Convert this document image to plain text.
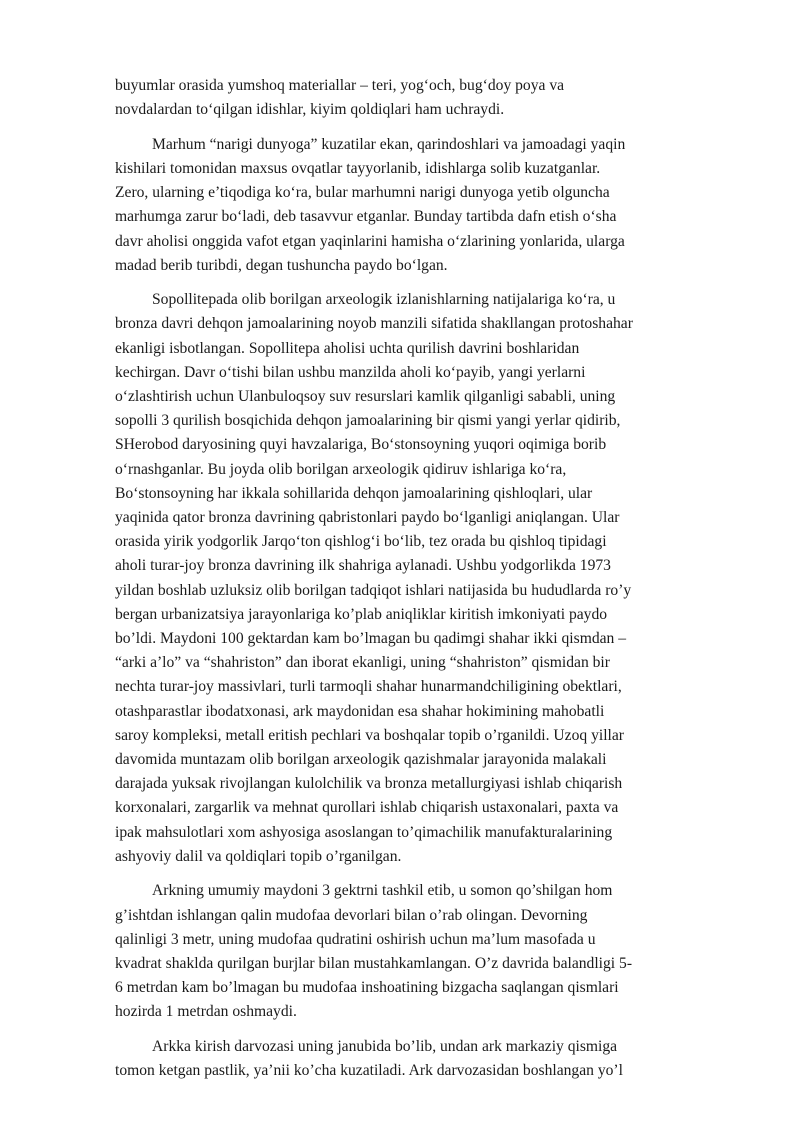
buyumlar orasida yumshoq materiallar – teri, yog‘och, bug‘doy poya va
novdalardan to‘qilgan idishlar, kiyim qoldiqlari ham uchraydi.
Marhum “narigi dunyoga” kuzatilar ekan, qarindoshlari va jamoadagi yaqin
kishilari tomonidan maxsus ovqatlar tayyorlanib, idishlarga solib kuzatganlar.
Zero, ularning e’tiqodiga ko‘ra, bular marhumni narigi dunyoga yetib olguncha
marhumga zarur bo‘ladi, deb tasavvur etganlar. Bunday tartibda dafn etish o‘sha
davr aholisi onggida vafot etgan yaqinlarini hamisha o‘zlarining yonlarida, ularga
madad berib turibdi, degan tushuncha paydo bo‘lgan.
Sopollitepada olib borilgan arxeologik izlanishlarning natijalariga ko‘ra, u
bronza davri dehqon jamoalarining noyob manzili sifatida shakllangan protoshahar
ekanligi isbotlangan. Sopollitepa aholisi uchta qurilish davrini boshlaridan
kechirgan. Davr o‘tishi bilan ushbu manzilda aholi ko‘payib, yangi yerlarni
o‘zlashtirish uchun Ulanbuloqsoy suv resurslari kamlik qilganligi sababli, uning
sopolli 3 qurilish bosqichida dehqon jamoalarining bir qismi yangi yerlar qidirib,
SHerobod daryosining quyi havzalariga, Bo‘stonsoyning yuqori oqimiga borib
o‘rnashganlar. Bu joyda olib borilgan arxeologik qidiruv ishlariga ko‘ra,
Bo‘stonsoyning har ikkala sohillarida dehqon jamoalarining qishloqlari, ular
yaqinida qator bronza davrining qabristonlari paydo bo‘lganligi aniqlangan. Ular
orasida yirik yodgorlik Jarqo‘ton qishlog‘i bo‘lib, tez orada bu qishloq tipidagi
aholi turar-joy bronza davrining ilk shahriga aylanadi. Ushbu yodgorlikda 1973
yildan boshlab uzluksiz olib borilgan tadqiqot ishlari natijasida bu hududlarda ro’y
bergan urbanizatsiya jarayonlariga ko’plab aniqliklar kiritish imkoniyati paydo
bo’ldi. Maydoni 100 gektardan kam bo’lmagan bu qadimgi shahar ikki qismdan –
“arki a’lo” va “shahriston” dan iborat ekanligi, uning “shahriston” qismidan bir
nechta turar-joy massivlari, turli tarmoqli shahar hunarmandchiligining obektlari,
otashparastlar ibodatxonasi, ark maydonidan esa shahar hokimining mahobatli
saroy kompleksi, metall eritish pechlari va boshqalar topib o’rganildi. Uzoq yillar
davomida muntazam olib borilgan arxeologik qazishmalar jarayonida malakali
darajada yuksak rivojlangan kulolchilik va bronza metallurgiyasi ishlab chiqarish
korxonalari, zargarlik va mehnat qurollari ishlab chiqarish ustaxonalari, paxta va
ipak mahsulotlari xom ashyosiga asoslangan to’qimachilik manufakturalarining
ashyoviy dalil va qoldiqlari topib o’rganilgan.
Arkning umumiy maydoni 3 gektrni tashkil etib, u somon qo’shilgan hom
g’ishtdan ishlangan qalin mudofaa devorlari bilan o’rab olingan. Devorning
qalinligi 3 metr, uning mudofaa qudratini oshirish uchun ma’lum masofada u
kvadrat shaklda qurilgan burjlar bilan mustahkamlangan. O’z davrida balandligi 5-
6 metrdan kam bo’lmagan bu mudofaa inshoatining bizgacha saqlangan qismlari
hozirda 1 metrdan oshmaydi.
Arkka kirish darvozasi uning janubida bo’lib, undan ark markaziy qismiga
tomon ketgan pastlik, ya’nii ko’cha kuzatiladi. Ark darvozasidan boshlangan yo’l
